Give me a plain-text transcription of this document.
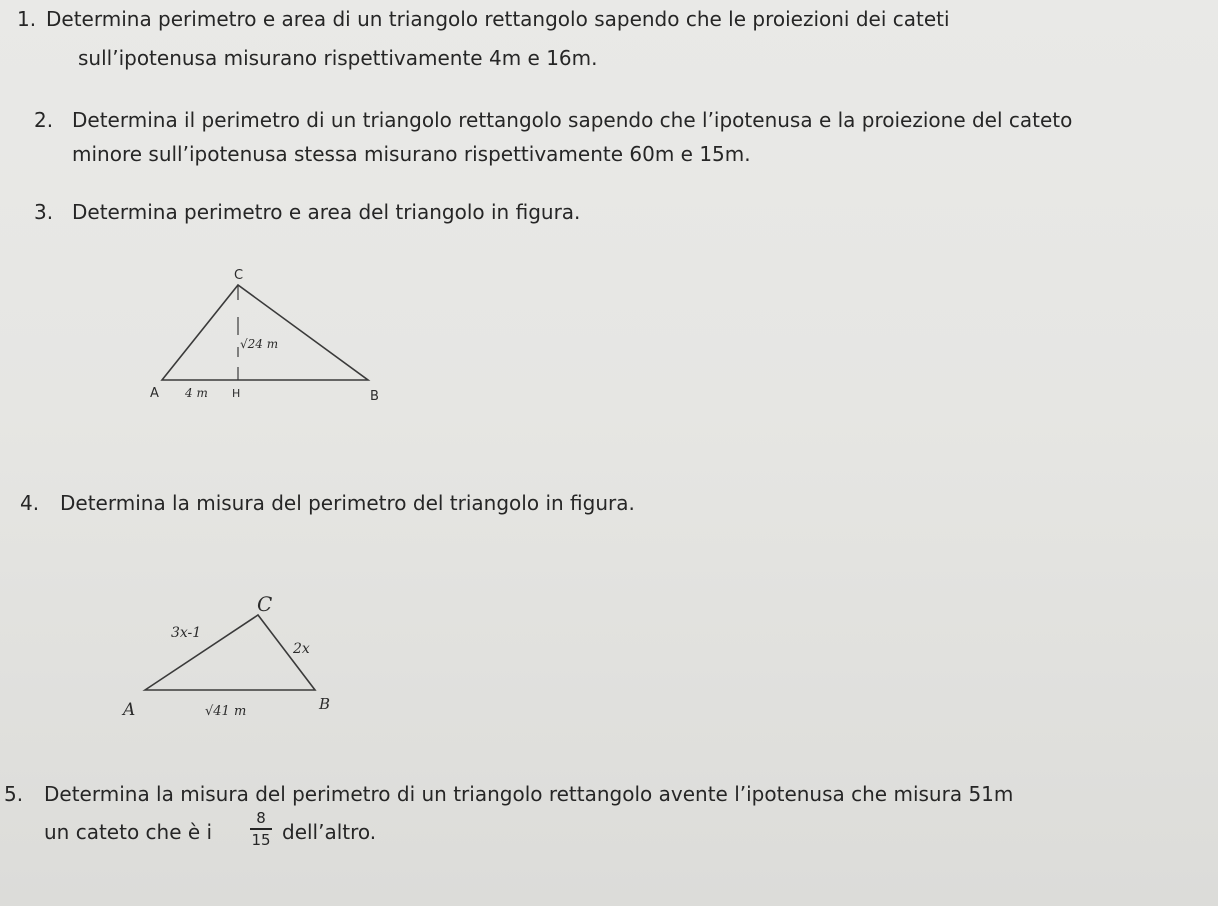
1. Determina perimetro e area di un triangolo rettangolo sapendo che le proiezioni dei cateti
sull’ipotenusa misurano rispettivamente 4m e 16m.
2. Determina il perimetro di un triangolo rettangolo sapendo che l’ipotenusa e la proiezione del cateto
minore sull’ipotenusa stessa misurano rispettivamente 60m e 15m.
3. Determina perimetro e area del triangolo in figura.
C
√24 m
A 4 m H	B
4. Determina la misura del perimetro del triangolo in figura.
C
3x-1
2x
A	√41 m	B
5. Determina la misura del perimetro di un triangolo rettangolo avente l’ipotenusa che misura 51m
un cateto che è i
8
15 dell’altro.
